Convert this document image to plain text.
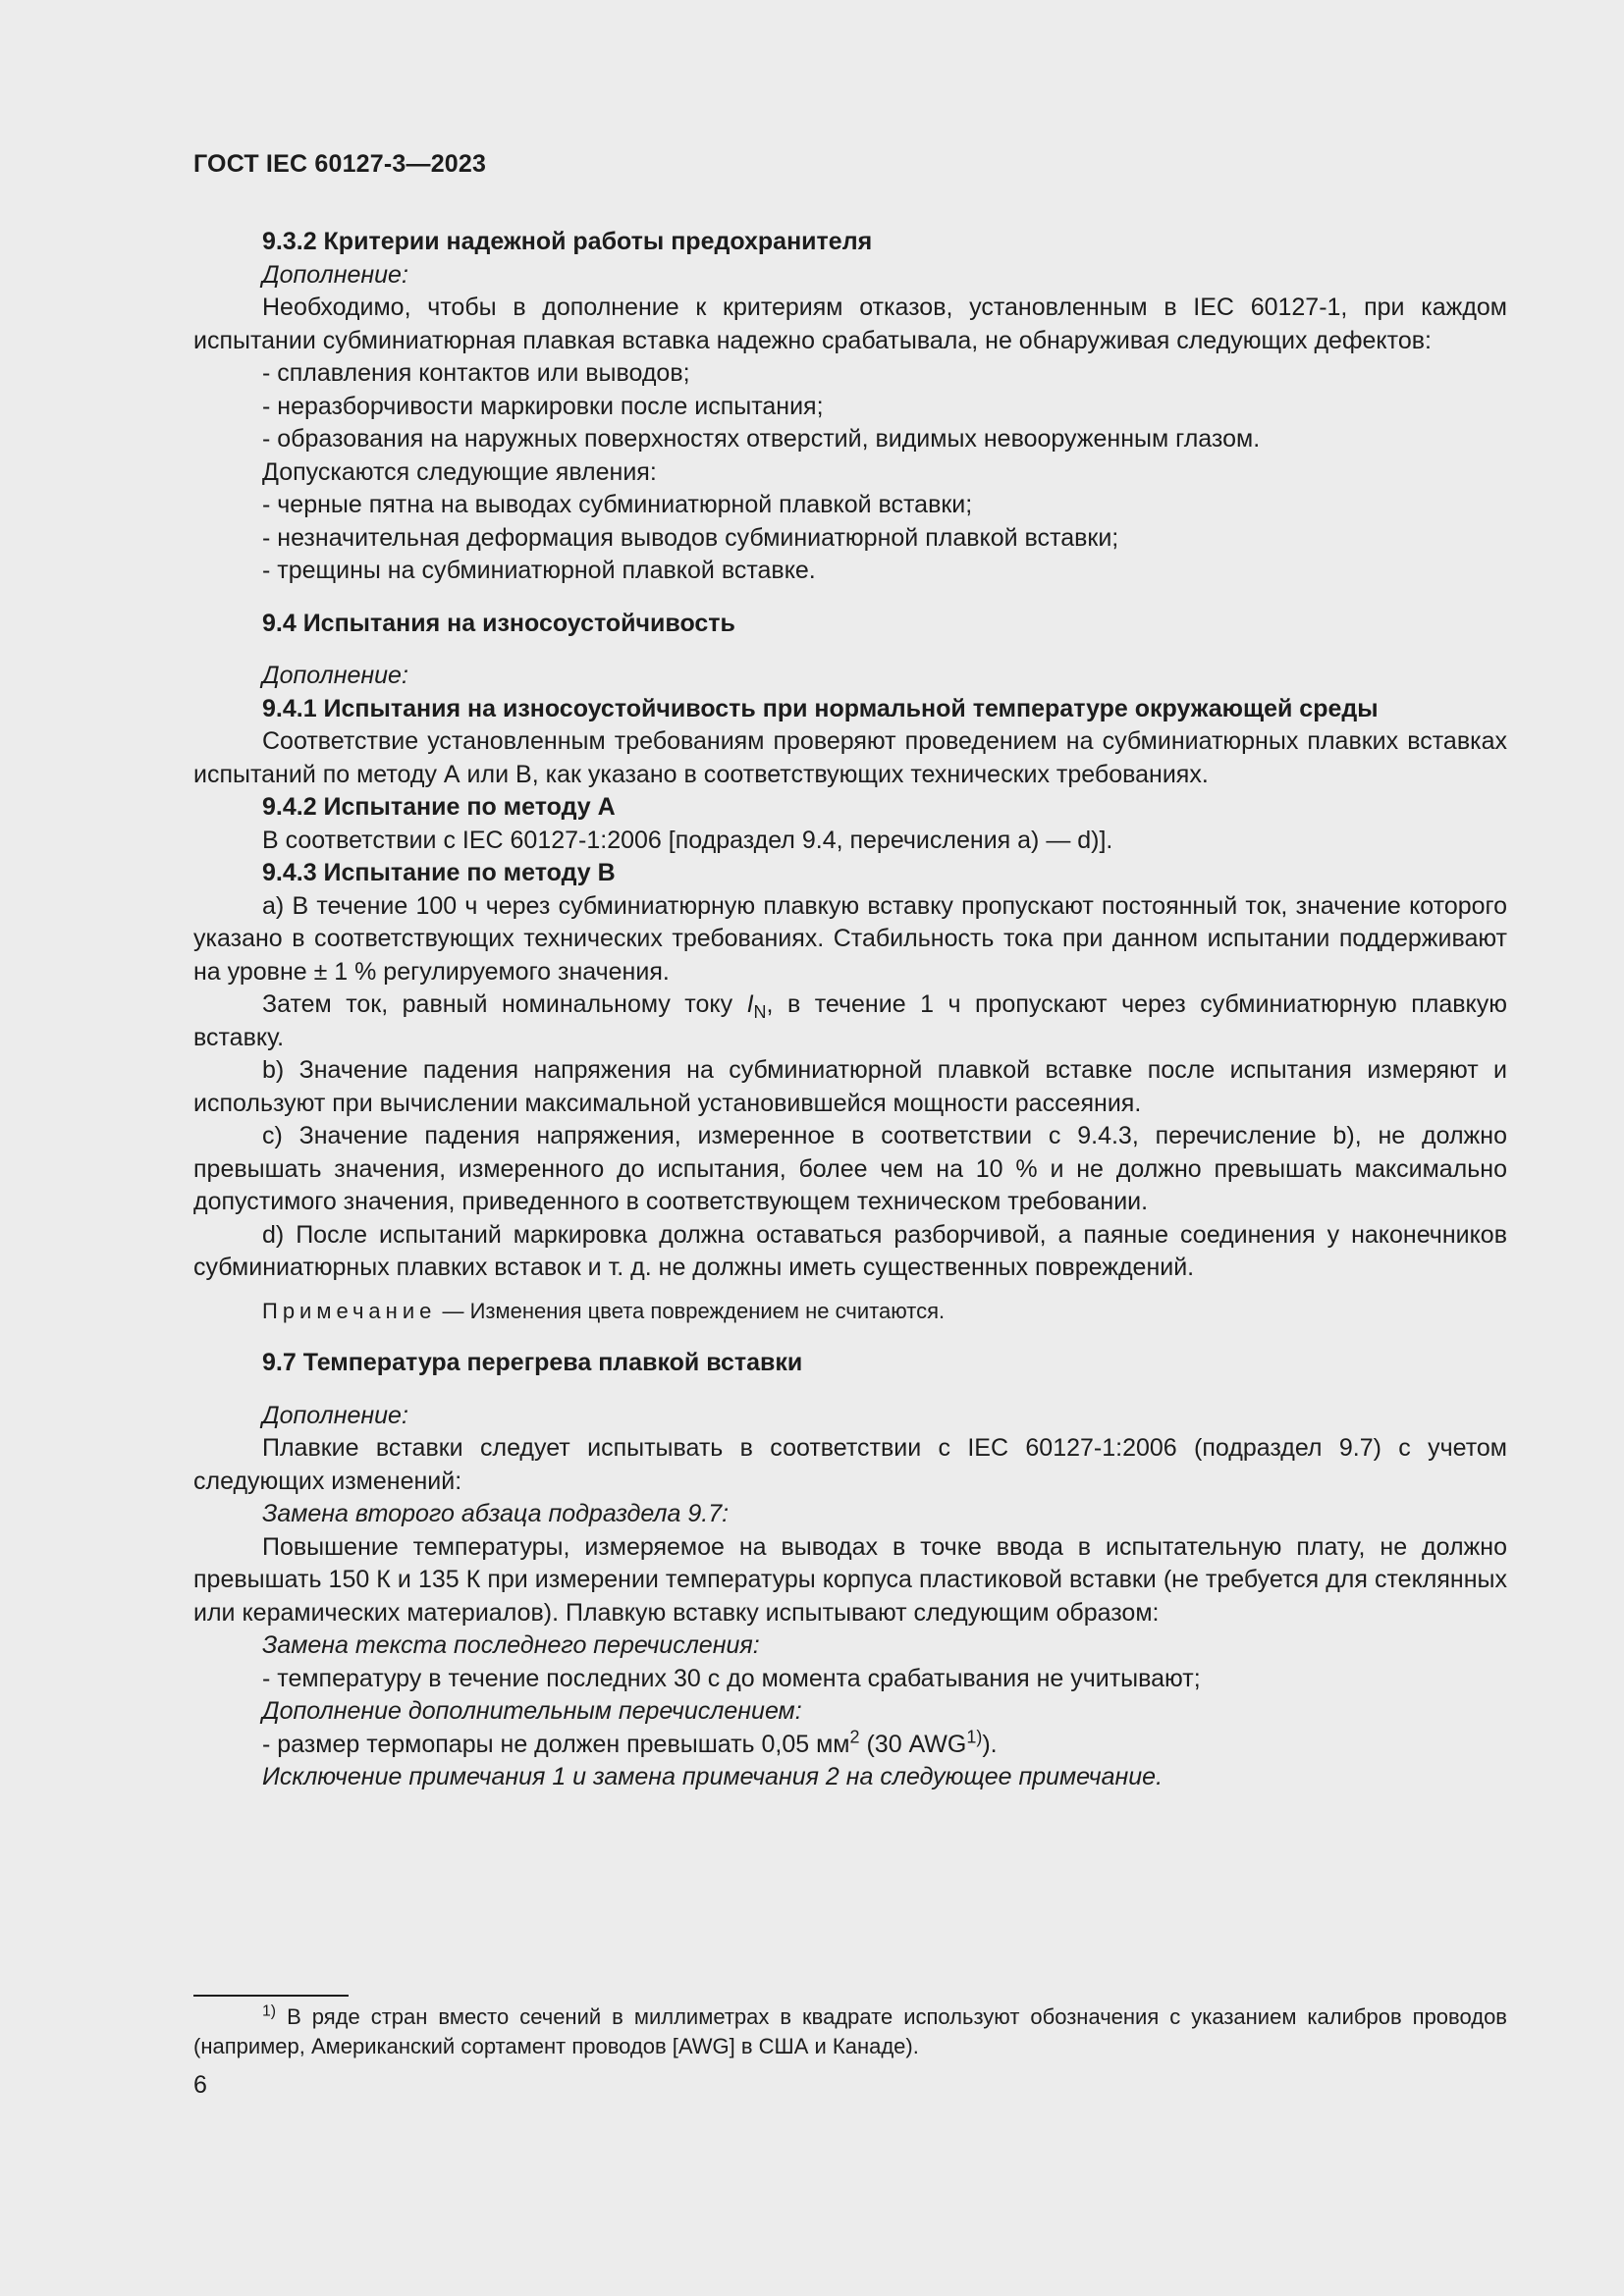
ГОСТ IEC 60127-3—2023

9.3.2 Критерии надежной работы предохранителя

Дополнение:

Необходимо, чтобы в дополнение к критериям отказов, установленным в IEC 60127-1, при каждом испытании субминиатюрная плавкая вставка надежно срабатывала, не обнаруживая следующих дефектов:

- сплавления контактов или выводов;

- неразборчивости маркировки после испытания;

- образования на наружных поверхностях отверстий, видимых невооруженным глазом.

Допускаются следующие явления:

- черные пятна на выводах субминиатюрной плавкой вставки;

- незначительная деформация выводов субминиатюрной плавкой вставки;

- трещины на субминиатюрной плавкой вставке.

9.4 Испытания на износоустойчивость

Дополнение:

9.4.1 Испытания на износоустойчивость при нормальной температуре окружающей среды

Соответствие установленным требованиям проверяют проведением на субминиатюрных плавких вставках испытаний по методу А или В, как указано в соответствующих технических требованиях.

9.4.2 Испытание по методу А

В соответствии с IEC 60127-1:2006 [подраздел 9.4, перечисления a) — d)].

9.4.3 Испытание по методу В

a) В течение 100 ч через субминиатюрную плавкую вставку пропускают постоянный ток, значение которого указано в соответствующих технических требованиях. Стабильность тока при данном испытании поддерживают на уровне ± 1 % регулируемого значения.

Затем ток, равный номинальному току $I_N$, в течение 1 ч пропускают через субминиатюрную плавкую вставку.

b) Значение падения напряжения на субминиатюрной плавкой вставке после испытания измеряют и используют при вычислении максимальной установившейся мощности рассеяния.

c) Значение падения напряжения, измеренное в соответствии с 9.4.3, перечисление b), не должно превышать значения, измеренного до испытания, более чем на 10 % и не должно превышать максимально допустимого значения, приведенного в соответствующем техническом требовании.

d) После испытаний маркировка должна оставаться разборчивой, а паяные соединения у наконечников субминиатюрных плавких вставок и т. д. не должны иметь существенных повреждений.

Примечание — Изменения цвета повреждением не считаются.

9.7 Температура перегрева плавкой вставки

Дополнение:

Плавкие вставки следует испытывать в соответствии с IEC 60127-1:2006 (подраздел 9.7) с учетом следующих изменений:

Замена второго абзаца подраздела 9.7:

Повышение температуры, измеряемое на выводах в точке ввода в испытательную плату, не должно превышать 150 К и 135 К при измерении температуры корпуса пластиковой вставки (не требуется для стеклянных или керамических материалов). Плавкую вставку испытывают следующим образом:

Замена текста последнего перечисления:

- температуру в течение последних 30 с до момента срабатывания не учитывают;

Дополнение дополнительным перечислением:

- размер термопары не должен превышать 0,05 $мм^2$ (30 AWG$^{1)}$).

Исключение примечания 1 и замена примечания 2 на следующее примечание.

$^{1)}$ В ряде стран вместо сечений в миллиметрах в квадрате используют обозначения с указанием калибров проводов (например, Американский сортамент проводов [AWG] в США и Канаде).

6
